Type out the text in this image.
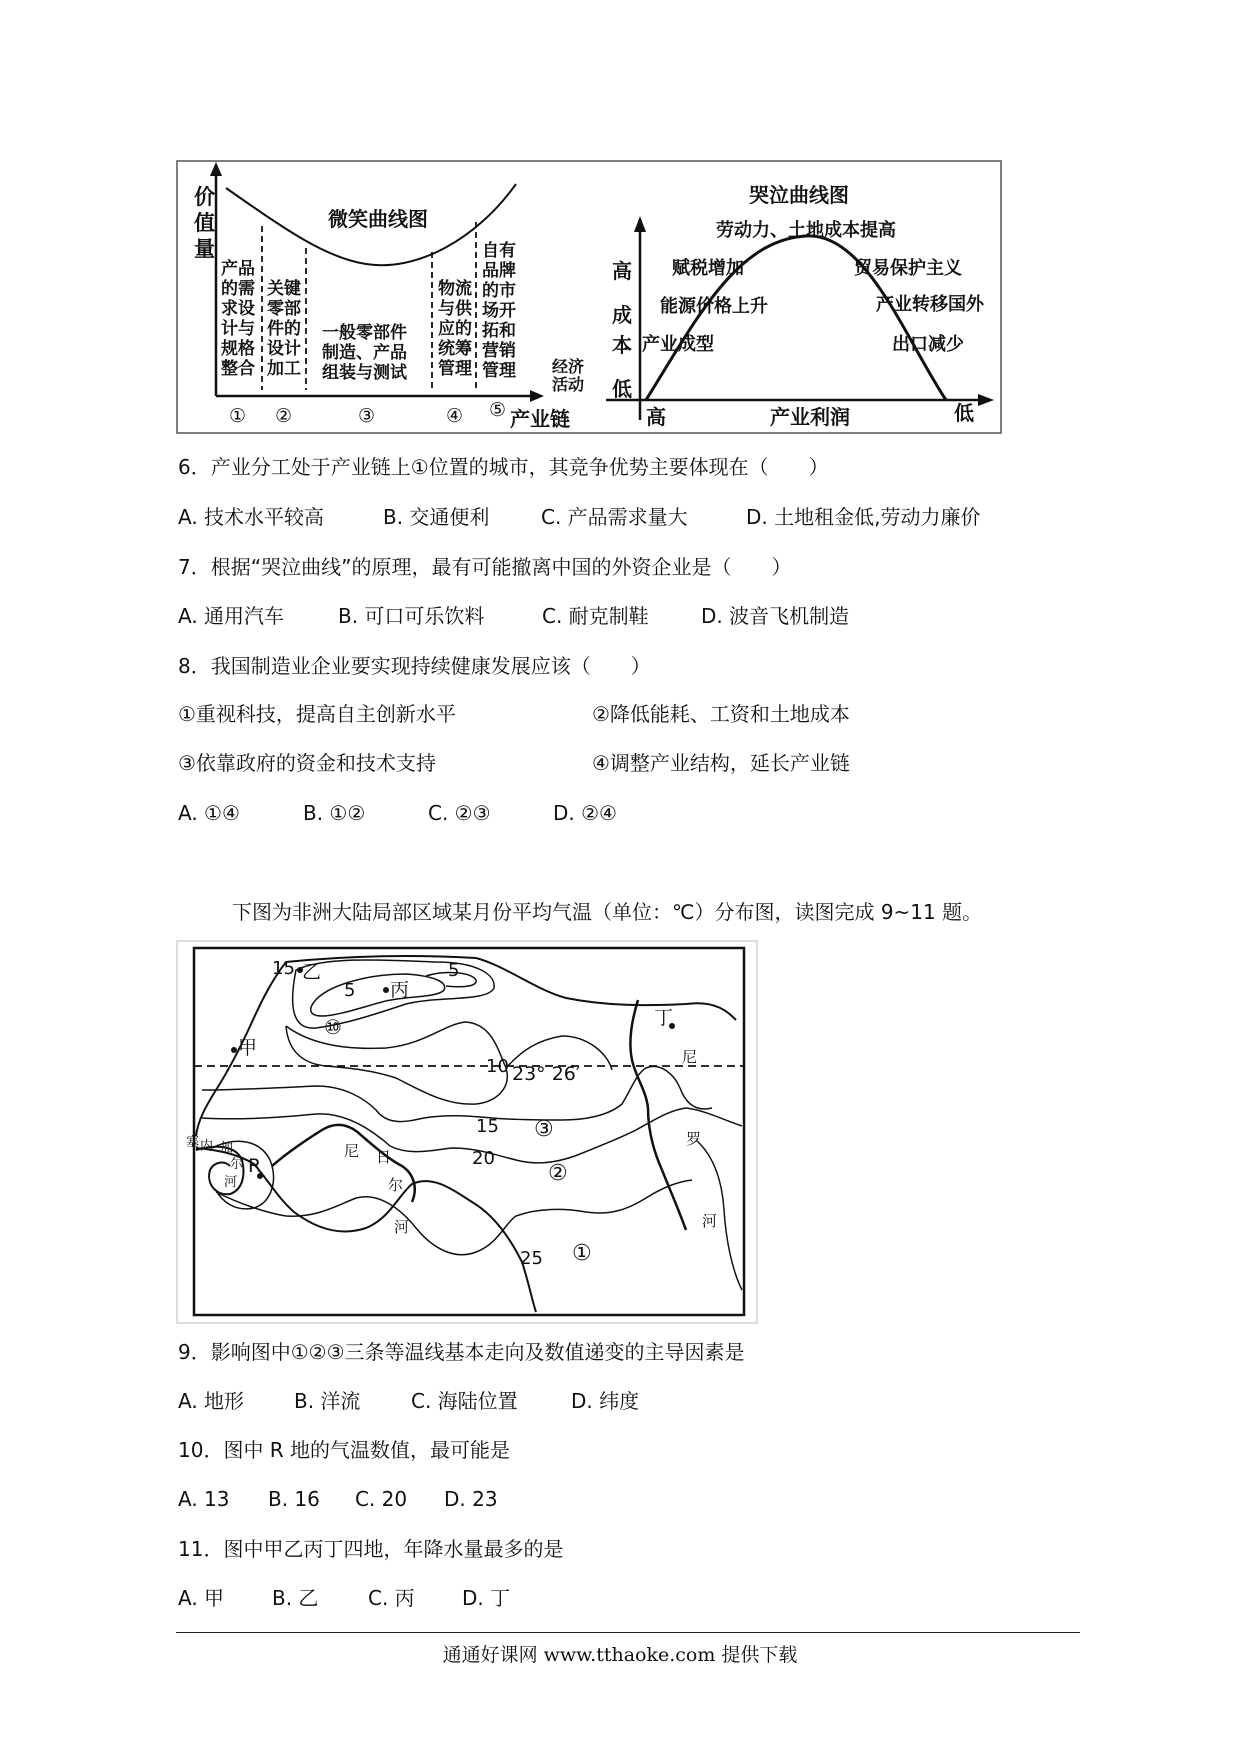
价
值
量
微笑曲线图
产品
的需
求设
计与
规格
整合
①
关键
零部
件的
设计
加工
②
一般零部件
制造、产品
组装与测试
③
物流
与供
应的
统筹
管理
④
自有
品牌
的市
场开
拓和
营销
管理
⑤
经济
活动
产业链
哭泣曲线图
高
成
本
低
高	产业利润	低
劳动力、土地成本提高
赋税增加	贸易保护主义
能源价格上升	产业转移国外
产业成型	出口减少
6．产业分工处于产业链上①位置的城市，其竞争优势主要体现在（　　）
A. 技术水平较高	B. 交通便利	C. 产品需求量大	D. 土地租金低,劳动力廉价
7．根据“哭泣曲线”的原理，最有可能撤离中国的外资企业是（　　）
A. 通用汽车	B. 可口可乐饮料	C. 耐克制鞋	D. 波音飞机制造
8．我国制造业企业要实现持续健康发展应该（　　）
①重视科技，提高自主创新水平	②降低能耗、工资和土地成本
③依靠政府的资金和技术支持	④调整产业结构，延长产业链
A. ①④	B. ①②	C. ②③	D. ②④
下图为非洲大陆局部区域某月份平均气温（单位：℃）分布图，读图完成 9~11 题。
甲
乙
丙
丁
R
15
5
5
⑩
10 23° 26′
15 ③
20
②
25 ①
塞 内 加
尔
河
尼 日
尔
河
尼
罗
河
9．影响图中①②③三条等温线基本走向及数值递变的主导因素是
A. 地形 B. 洋流	C. 海陆位置	D. 纬度
10．图中 R 地的气温数值，最可能是
A. 13 B. 16 C. 20 D. 23
11．图中甲乙丙丁四地，年降水量最多的是
A. 甲 B. 乙 C. 丙 D. 丁
通通好课网 www.tthaoke.com 提供下载
